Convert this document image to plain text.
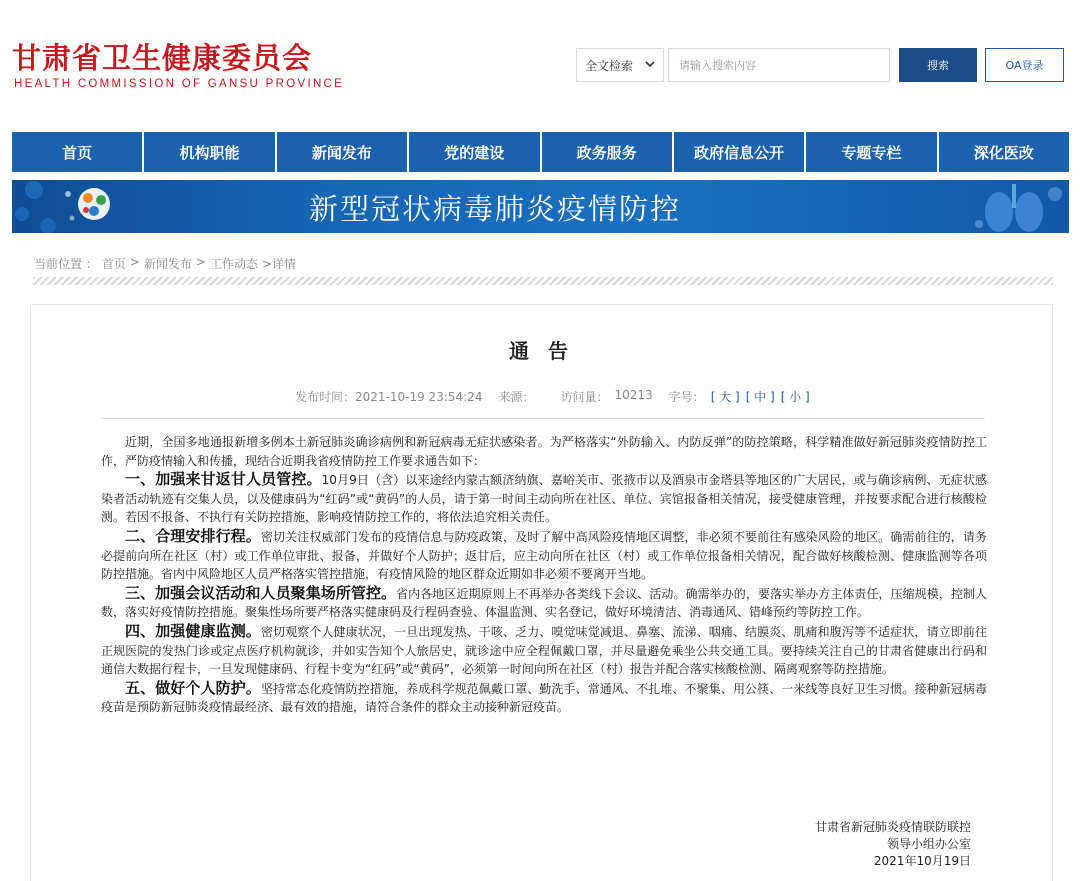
甘肃省卫生健康委员会
HEALTH COMMISSION OF GANSU PROVINCE
全文检索
请输入搜索内容	搜索	OA登录
首页	机构职能	新闻发布	党的建设	政务服务	政府信息公开	专题专栏	深化医改
新型冠状病毒肺炎疫情防控
当前位置 ： 首页 > 新闻发布 > 工作动态 >详情
通 告
发布时间：2021-10-19 23:54:24 来源： 访问量： 10213 字号： [ 大 ] [ 中 ] [ 小 ]

近期，全国多地通报新增多例本土新冠肺炎确诊病例和新冠病毒无症状感染者。为严格落实“外防输入、内防反弹”的防控策略，科学精准做好新冠肺炎疫情防控工作，严防疫情输入和传播，现结合近期我省疫情防控工作要求通告如下：

一、加强来甘返甘人员管控。10月9日（含）以来途经内蒙古额济纳旗、嘉峪关市、张掖市以及酒泉市金塔县等地区的广大居民，或与确诊病例、无症状感染者活动轨迹有交集人员，以及健康码为“红码”或“黄码”的人员，请于第一时间主动向所在社区、单位、宾馆报备相关情况，接受健康管理，并按要求配合进行核酸检测。若因不报备、不执行有关防控措施，影响疫情防控工作的，将依法追究相关责任。

二、合理安排行程。密切关注权威部门发布的疫情信息与防疫政策，及时了解中高风险疫情地区调整，非必须不要前往有感染风险的地区。确需前往的，请务必提前向所在社区（村）或工作单位审批、报备，并做好个人防护；返甘后，应主动向所在社区（村）或工作单位报备相关情况，配合做好核酸检测、健康监测等各项防控措施。省内中风险地区人员严格落实管控措施，有疫情风险的地区群众近期如非必须不要离开当地。

三、加强会议活动和人员聚集场所管控。省内各地区近期原则上不再举办各类线下会议、活动。确需举办的，要落实举办方主体责任，压缩规模，控制人数，落实好疫情防控措施。聚集性场所要严格落实健康码及行程码查验、体温监测、实名登记，做好环境清洁、消毒通风、错峰预约等防控工作。

四、加强健康监测。密切观察个人健康状况，一旦出现发热、干咳、乏力、嗅觉味觉减退、鼻塞、流涕、咽痛、结膜炎、肌痛和腹泻等不适症状，请立即前往正规医院的发热门诊或定点医疗机构就诊，并如实告知个人旅居史，就诊途中应全程佩戴口罩，并尽量避免乘坐公共交通工具。要持续关注自己的甘肃省健康出行码和通信大数据行程卡，一旦发现健康码、行程卡变为“红码”或“黄码”，必须第一时间向所在社区（村）报告并配合落实核酸检测、隔离观察等防控措施。

五、做好个人防护。坚持常态化疫情防控措施，养成科学规范佩戴口罩、勤洗手、常通风、不扎堆、不聚集、用公筷、一米线等良好卫生习惯。接种新冠病毒疫苗是预防新冠肺炎疫情最经济、最有效的措施，请符合条件的群众主动接种新冠疫苗。

甘肃省新冠肺炎疫情联防联控
领导小组办公室
2021年10月19日
